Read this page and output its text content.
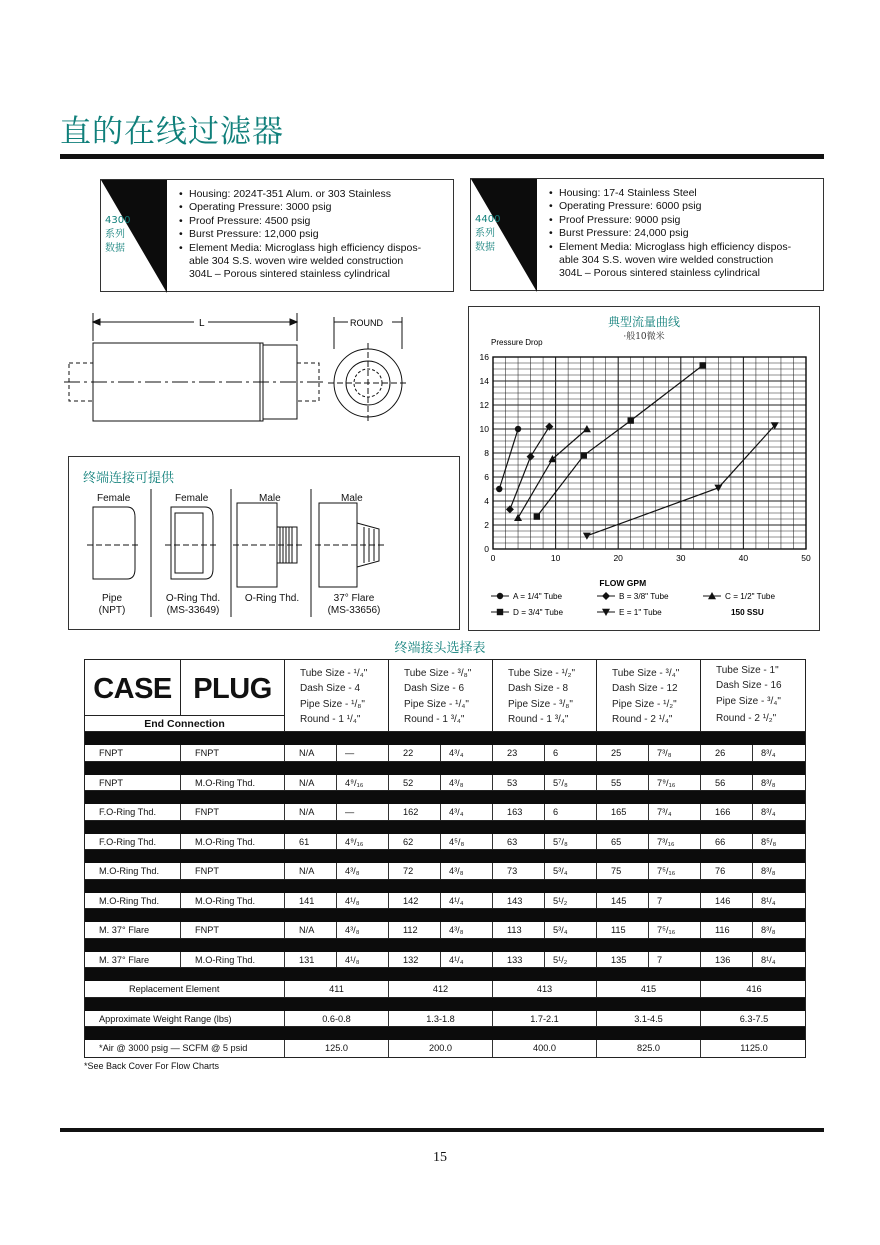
直的在线过滤器
4300
系列
数据
• Housing: 2024T-351 Alum. or 303 Stainless
• Operating Pressure: 3000 psig
• Proof Pressure: 4500 psig
• Burst Pressure: 12,000 psig
• Element Media: Microglass high efficiency dispos-
able 304 S.S. woven wire welded construction
304L – Porous sintered stainless cylindrical
4400
系列
数据
• Housing: 17-4 Stainless Steel
• Operating Pressure: 6000 psig
• Proof Pressure: 9000 psig
• Burst Pressure: 24,000 psig
• Element Media: Microglass high efficiency dispos-
able 304 S.S. woven wire welded construction
304L – Porous sintered stainless cylindrical
L	ROUND
终端连接可提供
Female	Female	Male	Male
Pipe
(NPT)
O-Ring Thd.
(MS-33649)
O-Ring Thd.	37° Flare
(MS-33656)
典型流量曲线
·般10微米
0
2
4
6
8
10
12
14
16
0	10	20	30	40	50
Pressure Drop
FLOW GPM
A = 1/4" Tube	B = 3/8" Tube	C = 1/2" Tube
D = 3/4" Tube	E = 1" Tube	150 SSU
终端接头选择表
CASE PLUG
End Connection
Tube Size - ¹/₄"
Dash Size - 4
Pipe Size - ¹/₈"
Round - 1 ¹/₄"
Tube Size - ³/₈"
Dash Size - 6
Pipe Size - ¹/₄"
Round - 1 ³/₄"
Tube Size - ¹/₂"
Dash Size - 8
Pipe Size - ³/₈"
Round - 1 ³/₄"
Tube Size - ³/₄"
Dash Size - 12
Pipe Size - ¹/₂"
Round - 2 ¹/₄"
Tube Size - 1"
Dash Size - 16
Pipe Size - ³/₄"
Round - 2 ¹/₂"
FNPT	FNPT	N/A	—	22	4³/₄	23	6	25	7³/₈	26	8³/₄
FNPT	M.O-Ring Thd.	N/A	4⁹/₁₆	52	4³/₈	53	5⁷/₈	55	7⁹/₁₆	56	8³/₈
F.O-Ring Thd.	FNPT	N/A	—	162	4³/₄	163	6	165	7³/₄	166	8³/₄
F.O-Ring Thd.	M.O-Ring Thd.	61	4⁹/₁₆	62	4⁵/₈	63	5⁷/₈	65	7³/₁₆	66	8⁵/₈
M.O-Ring Thd.	FNPT	N/A	4³/₈	72	4³/₈	73	5³/₄	75	7⁵/₁₆	76	8³/₈
M.O-Ring Thd.	M.O-Ring Thd.	141	4¹/₈	142	4¹/₄	143	5¹/₂	145	7	146	8¹/₄
M. 37° Flare	FNPT	N/A	4³/₈	112	4³/₈	113	5³/₄	115	7⁵/₁₆	116	8³/₈
M. 37° Flare	M.O-Ring Thd.	131	4¹/₈	132	4¹/₄	133	5¹/₂	135	7	136	8¹/₄
Replacement Element	411	412	413	415	416
Approximate Weight Range (lbs)	0.6-0.8	1.3-1.8	1.7-2.1	3.1-4.5	6.3-7.5
*Air @ 3000 psig — SCFM @ 5 psid	125.0	200.0	400.0	825.0	1125.0
*See Back Cover For Flow Charts
15
